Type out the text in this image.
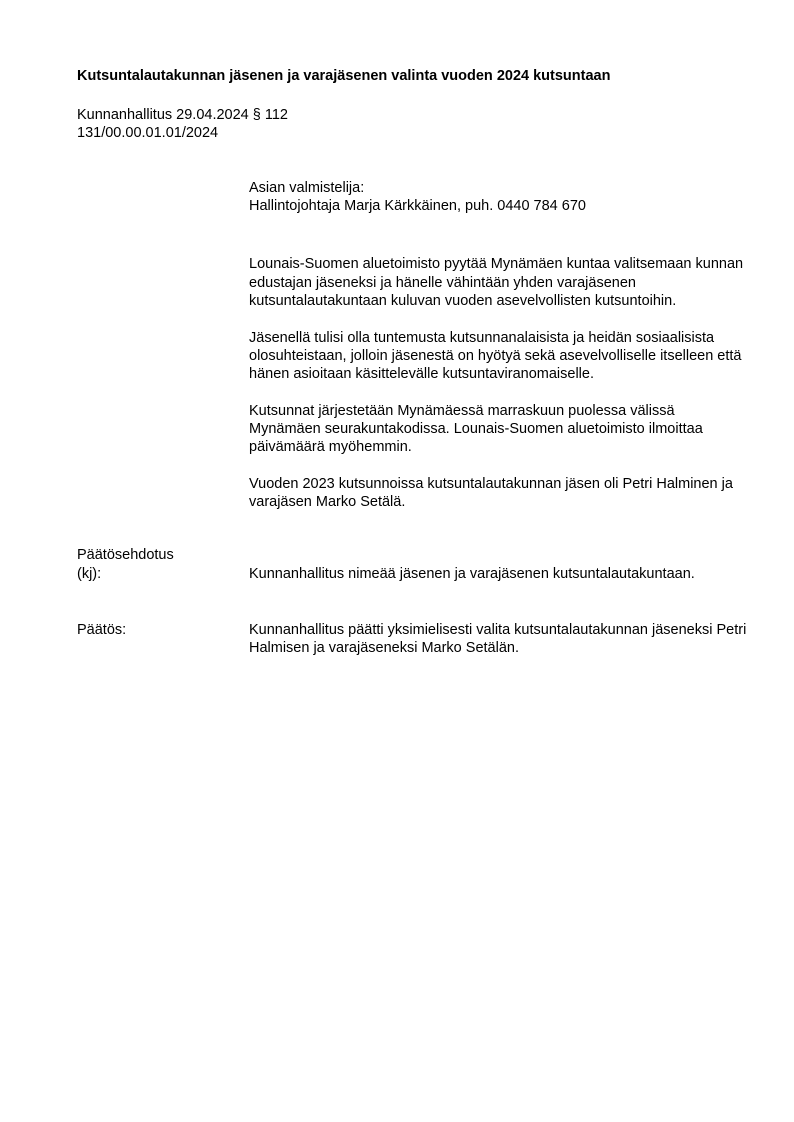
Kutsuntalautakunnan jäsenen ja varajäsenen valinta vuoden 2024 kutsuntaan
Kunnanhallitus 29.04.2024 § 112
131/00.00.01.01/2024

Asian valmistelija:
Hallintojohtaja Marja Kärkkäinen, puh. 0440 784 670

Lounais-Suomen aluetoimisto pyytää Mynämäen kuntaa valitsemaan kunnan edustajan jäseneksi ja hänelle vähintään yhden varajäsenen kutsuntalautakuntaan kuluvan vuoden asevelvollisten kutsuntoihin.

Jäsenellä tulisi olla tuntemusta kutsunnanalaisista ja heidän sosiaalisista olosuhteistaan, jolloin jäsenestä on hyötyä sekä asevelvolliselle itselleen että hänen asioitaan käsittelevälle kutsuntaviranomaiselle.

Kutsunnat järjestetään Mynämäessä marraskuun puolessa välissä Mynämäen seurakuntakodissa. Lounais-Suomen aluetoimisto ilmoittaa päivämäärä myöhemmin.

Vuoden 2023 kutsunnoissa kutsuntalautakunnan jäsen oli Petri Halminen ja varajäsen Marko Setälä.

Päätösehdotus
(kj):	Kunnanhallitus nimeää jäsenen ja varajäsenen kutsuntalautakuntaan.
Päätös:	Kunnanhallitus päätti yksimielisesti valita kutsuntalautakunnan jäseneksi Petri Halmisen ja varajäseneksi Marko Setälän.
